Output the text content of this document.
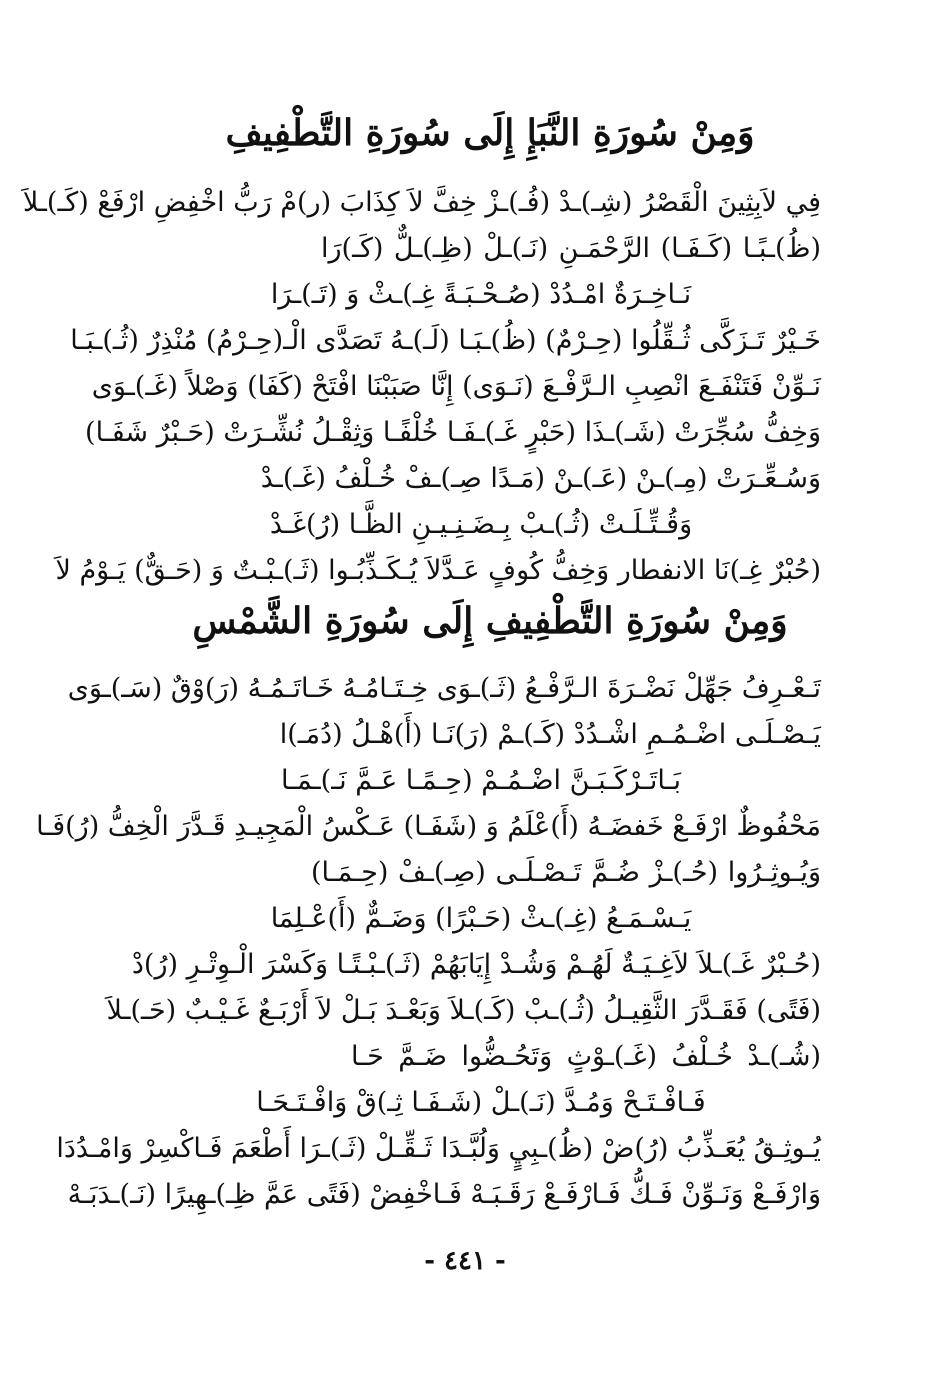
وَمِنْ سُورَةِ النَّبَإِ إِلَى سُورَةِ التَّطْفِيفِ
فِي لاَبِثِينَ الْقَصْرُ (شِـ)ـدْ (فُـ)ـزْ خِفَّ لاَ كِذَابَ (ر)مْ رَبُّ اخْفِضِ ارْفَعْ (كَـ)ـلاَ
(ظُ)ـبًـا (كَـفَـا) الرَّحْمَـنِ (نَـ)ـلْ (ظِـ)ـلٌّ (كَـ)رَا
نَـاخِـرَةٌ امْـدُدْ (صُـحْـبَـةً غِـ)ـثْ وَ (تَـ)ـرَا
خَـيْرٌ تَـزَكَّى ثُـقِّلُوا (حِـرْمٌ) (ظُ)ـبَـا (لَـ)ـهُ تَصَدَّى الْـ(حِـرْمُ) مُنْذِرٌ (ثُـ)ـبَـا
نَـوِّنْ فَتَنْفَـعَ انْصِبِ الـرَّفْـعَ (نَـوَى) إِنَّا صَبَبْنَا افْتَحْ (كَفَا) وَصْلاً (غَـ)ـوَى
وَخِفُّ سُجِّرَتْ (شَـ)ـذَا (حَبْرٍ غَـ)ـفَـا خُلْفًـا وَثِقْـلُ نُشِّـرَتْ (حَـبْرٌ شَفَـا)
وَسُـعِّـرَتْ (مِـ)ـنْ (عَـ)ـنْ (مَـدًا صِـ)ـفْ خُـلْفُ (غَـ)ـدْ
وَقُـتِّـلَـتْ (ثُـ)ـبْ بِـضَـنِـيـنِ الظَّـا (رُ)غَـدْ
(حُبْرٌ غِـ)نَا الانفطار وَخِفُّ كُوفٍ عَـدَّلاَ يُـكَـذِّبُـوا (ثَـ)ـبْـتٌ وَ (حَـقٌّ) يَـوْمُ لاَ
وَمِنْ سُورَةِ التَّطْفِيفِ إِلَى سُورَةِ الشَّمْسِ
تَـعْـرِفُ جَهِّلْ نَضْـرَةَ الـرَّفْـعُ (ثَـ)ـوَى خِـتَـامُـهُ خَـاتَـمُـهُ (رَ)وْقٌ (سَـ)ـوَى
يَـصْـلَـى اضْـمُـمِ اشْـدُدْ (كَـ)ـمْ (رَ)نَـا (أَ)هْـلُ (دُمَـ)ا
بَـاتَـرْكَـبَـنَّ اضْـمُـمْ (حِـمًـا عَـمَّ نَـ)ـمَـا
مَحْفُوظٌ ارْفَـعْ خَفضَـهُ (أَ)عْلَمُ وَ (شَفَـا) عَـكْسُ الْمَجِيـدِ قَـدَّرَ الْخِفُّ (رُ)فَـا
وَيُـوثِـرُوا (حُـ)ـزْ ضُـمَّ تَـصْـلَـى (صِـ)ـفْ (حِـمَـا)
يَـسْـمَـعُ (غِـ)ـثْ (حَـبْرًا) وَضَـمٌّ (أَ)عْـلِمَا
(حُـبْرٌ غَـ)ـلاَ لاَغِـيَـةٌ لَهُـمْ وَشُـدْ إِيَابَهُمْ (ثَـ)ـبْـتًـا وَكَسْرَ الْـوِتْـرِ (رُ)دْ
(فَتًى) فَقَـدَّرَ الثَّقِيـلُ (ثُـ)ـبْ (كَـ)ـلاَ وَبَعْـدَ بَـلْ لاَ أَرْبَـعٌ غَـيْـبٌ (حَـ)ـلاَ
(شُـ)ـدْ خُـلْفُ (غَـ)ـوْثٍ وَتَحُـضُّوا ضَـمَّ حَـا
فَـافْـتَـحْ وَمُـدَّ (نَـ)ـلْ (شَـفَـا ثِـ)قْ وَافْـتَـحَـا
يُـوثِـقُ يُعَـذِّبُ (رُ)ضْ (ظُ)ـبِيٍ وَلُبَّـدَا ثَـقِّـلْ (ثَـ)ـرَا أَطْعَمَ فَـاكْسِرْ وَامْـدُدَا
وَارْفَـعْ وَنَـوِّنْ فَـكُّ فَـارْفَـعْ رَقَـبَـهْ فَـاخْفِضْ (فَتًى عَمَّ ظِـ)ـهِيرًا (نَـ)ـدَبَـهْ
- ٤٤١ -
